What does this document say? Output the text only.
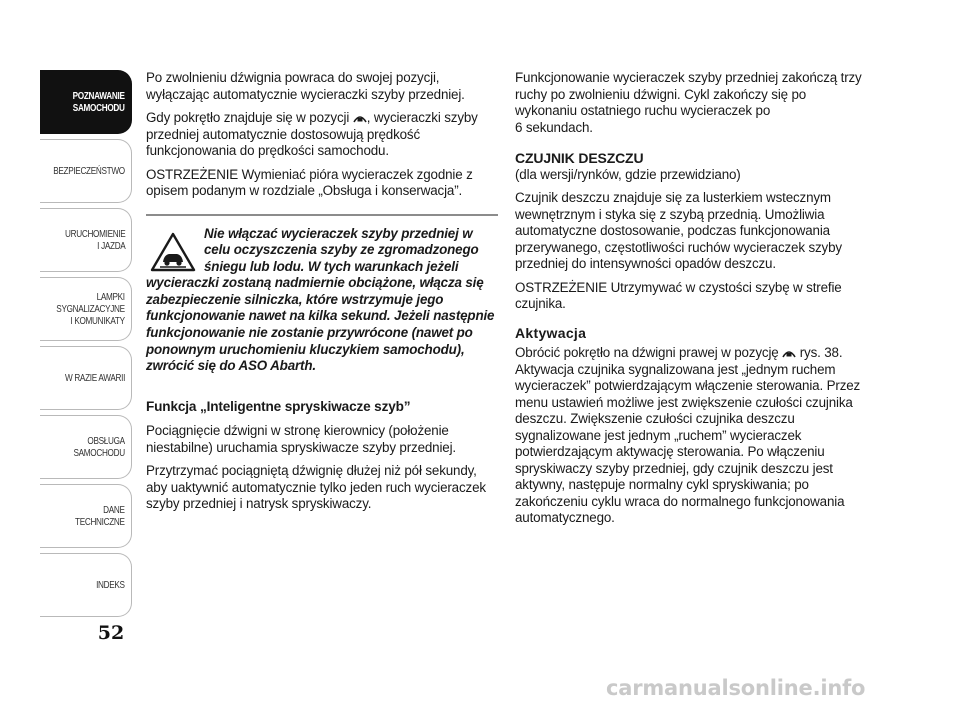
POZNAWANIE
SAMOCHODU
BEZPIECZEŃSTWO
URUCHOMIENIE
I JAZDA
LAMPKI
SYGNALIZACYJNE
I KOMUNIKATY
W RAZIE AWARII
OBSŁUGA
SAMOCHODU
DANE
TECHNICZNE
INDEKS
52

Po zwolnieniu dźwignia powraca do swojej pozycji, wyłączając automatycznie wycieraczki szyby przedniej.

Gdy pokrętło znajduje się w pozycji , wycieraczki szyby przedniej automatycznie dostosowują prędkość funkcjonowania do prędkości samochodu.

OSTRZEŻENIE Wymieniać pióra wycieraczek zgodnie z opisem podanym w rozdziale „Obsługa i konserwacja”.

Nie włączać wycieraczek szyby przedniej w celu oczyszczenia szyby ze zgromadzonego śniegu lub lodu. W tych warunkach jeżeli wycieraczki zostaną nadmiernie obciążone, włącza się zabezpieczenie silniczka, które wstrzymuje jego funkcjonowanie nawet na kilka sekund. Jeżeli następnie funkcjonowanie nie zostanie przywrócone (nawet po ponownym uruchomieniu kluczykiem samochodu), zwrócić się do ASO Abarth.

Funkcja „Inteligentne spryskiwacze szyb”

Pociągnięcie dźwigni w stronę kierownicy (położenie niestabilne) uruchamia spryskiwacze szyby przedniej.

Przytrzymać pociągniętą dźwignię dłużej niż pół sekundy, aby uaktywnić automatycznie tylko jeden ruch wycieraczek szyby przedniej i natrysk spryskiwaczy.

Funkcjonowanie wycieraczek szyby przedniej zakończą trzy ruchy po zwolnieniu dźwigni. Cykl zakończy się po wykonaniu ostatniego ruchu wycieraczek po
6 sekundach.

CZUJNIK DESZCZU

(dla wersji/rynków, gdzie przewidziano)

Czujnik deszczu znajduje się za lusterkiem wstecznym wewnętrznym i styka się z szybą przednią. Umożliwia automatyczne dostosowanie, podczas funkcjonowania przerywanego, częstotliwości ruchów wycieraczek szyby przedniej do intensywności opadów deszczu.

OSTRZEŻENIE Utrzymywać w czystości szybę w strefie czujnika.

Aktywacja

Obrócić pokrętło na dźwigni prawej w pozycję  rys. 38. Aktywacja czujnika sygnalizowana jest „jednym ruchem wycieraczek” potwierdzającym włączenie sterowania. Przez menu ustawień możliwe jest zwiększenie czułości czujnika deszczu. Zwiększenie czułości czujnika deszczu sygnalizowane jest jednym „ruchem” wycieraczek potwierdzającym aktywację sterowania. Po włączeniu spryskiwaczy szyby przedniej, gdy czujnik deszczu jest aktywny, następuje normalny cykl spryskiwania; po zakończeniu cyklu wraca do normalnego funkcjonowania automatycznego.

carmanualsonline.info
